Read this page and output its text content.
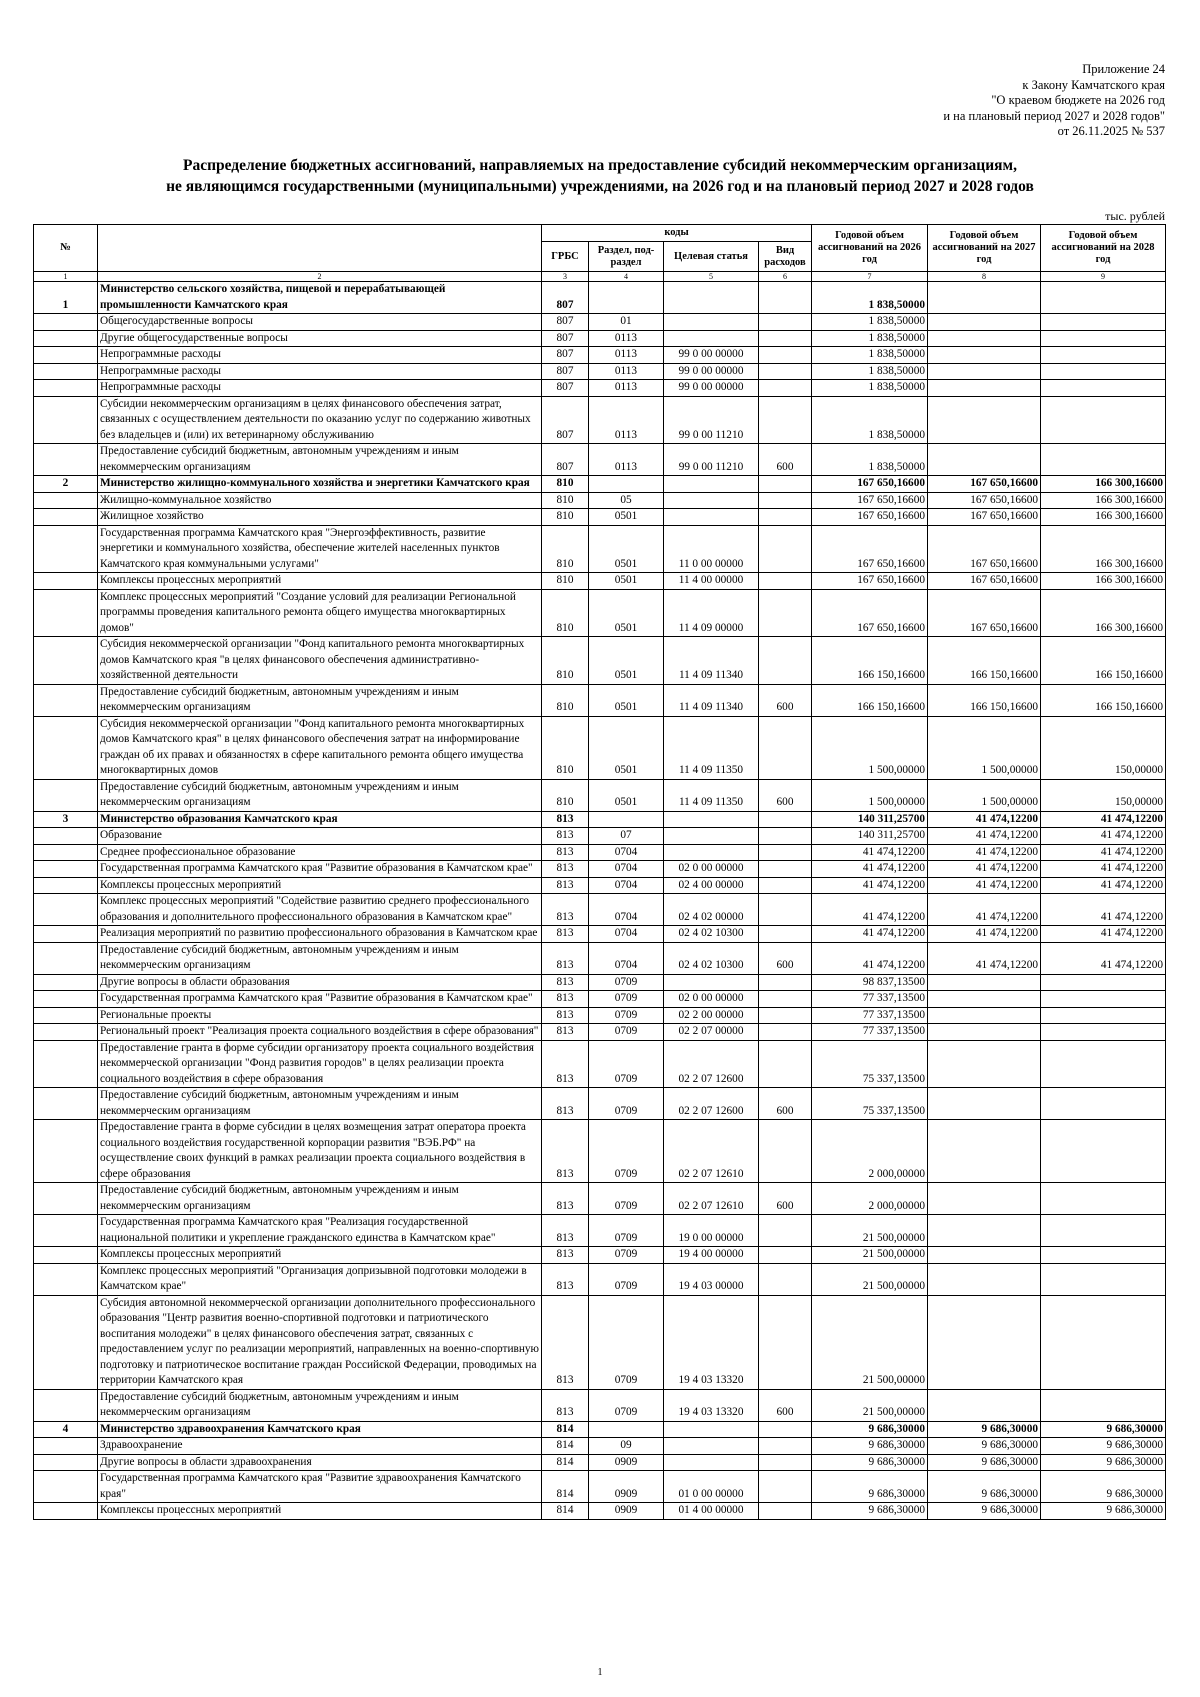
Приложение 24
к Закону Камчатского края
"О краевом бюджете на 2026 год
и на плановый период 2027 и 2028 годов"
от 26.11.2025 № 537
Распределение бюджетных ассигнований, направляемых на предоставление субсидий некоммерческим организациям,
не являющимся государственными (муниципальными) учреждениями, на 2026 год и на плановый период 2027 и 2028 годов
тыс. рублей
№		коды				Годовой объем ассигнований на 2026 год	Годовой объем ассигнований на 2027 год	Годовой объем ассигнований на 2028 год
		ГРБС	Раздел, под-раздел	Целевая статья	Вид расходов			
1	2	3	4	5	6	7	8	9
1	Министерство сельского хозяйства, пищевой и перерабатывающей промышленности Камчатского края	807				1 838,50000		
	Общегосударственные вопросы	807	01			1 838,50000		
	Другие общегосударственные вопросы	807	0113			1 838,50000		
	Непрограммные расходы	807	0113	99 0 00 00000		1 838,50000		
	Непрограммные расходы	807	0113	99 0 00 00000		1 838,50000		
	Непрограммные расходы	807	0113	99 0 00 00000		1 838,50000		
	Субсидии некоммерческим организациям в целях финансового обеспечения затрат, связанных с осуществлением деятельности по оказанию услуг по содержанию животных без владельцев и (или) их ветеринарному обслуживанию	807	0113	99 0 00 11210		1 838,50000		
	Предоставление субсидий бюджетным, автономным учреждениям и иным некоммерческим организациям	807	0113	99 0 00 11210	600	1 838,50000		
2	Министерство жилищно-коммунального хозяйства и энергетики Камчатского края	810				167 650,16600	167 650,16600	166 300,16600
	Жилищно-коммунальное хозяйство	810	05			167 650,16600	167 650,16600	166 300,16600
	Жилищное хозяйство	810	0501			167 650,16600	167 650,16600	166 300,16600
	Государственная программа Камчатского края "Энергоэффективность, развитие энергетики и коммунального хозяйства, обеспечение жителей населенных пунктов Камчатского края коммунальными услугами"	810	0501	11 0 00 00000		167 650,16600	167 650,16600	166 300,16600
	Комплексы процессных мероприятий	810	0501	11 4 00 00000		167 650,16600	167 650,16600	166 300,16600
	Комплекс процессных мероприятий "Создание условий для реализации Региональной программы проведения капитального ремонта общего имущества многоквартирных домов"	810	0501	11 4 09 00000		167 650,16600	167 650,16600	166 300,16600
	Субсидия некоммерческой организации "Фонд капитального ремонта многоквартирных домов Камчатского края "в целях финансового обеспечения административно-хозяйственной деятельности	810	0501	11 4 09 11340		166 150,16600	166 150,16600	166 150,16600
	Предоставление субсидий бюджетным, автономным учреждениям и иным некоммерческим организациям	810	0501	11 4 09 11340	600	166 150,16600	166 150,16600	166 150,16600
	Субсидия некоммерческой организации "Фонд капитального ремонта многоквартирных домов Камчатского края" в целях финансового обеспечения затрат на информирование граждан об их правах и обязанностях в сфере капитального ремонта общего имущества многоквартирных домов	810	0501	11 4 09 11350		1 500,00000	1 500,00000	150,00000
	Предоставление субсидий бюджетным, автономным учреждениям и иным некоммерческим организациям	810	0501	11 4 09 11350	600	1 500,00000	1 500,00000	150,00000
3	Министерство образования Камчатского края	813				140 311,25700	41 474,12200	41 474,12200
	Образование	813	07			140 311,25700	41 474,12200	41 474,12200
	Среднее профессиональное образование	813	0704			41 474,12200	41 474,12200	41 474,12200
	Государственная программа Камчатского края "Развитие образования в Камчатском крае"	813	0704	02 0 00 00000		41 474,12200	41 474,12200	41 474,12200
	Комплексы процессных мероприятий	813	0704	02 4 00 00000		41 474,12200	41 474,12200	41 474,12200
	Комплекс процессных мероприятий "Содействие развитию среднего профессионального образования и дополнительного профессионального образования в Камчатском крае"	813	0704	02 4 02 00000		41 474,12200	41 474,12200	41 474,12200
	Реализация мероприятий по развитию профессионального образования в Камчатском крае	813	0704	02 4 02 10300		41 474,12200	41 474,12200	41 474,12200
	Предоставление субсидий бюджетным, автономным учреждениям и иным некоммерческим организациям	813	0704	02 4 02 10300	600	41 474,12200	41 474,12200	41 474,12200
	Другие вопросы в области образования	813	0709			98 837,13500		
	Государственная программа Камчатского края "Развитие образования в Камчатском крае"	813	0709	02 0 00 00000		77 337,13500		
	Региональные проекты	813	0709	02 2 00 00000		77 337,13500		
	Региональный проект "Реализация проекта социального воздействия в сфере образования"	813	0709	02 2 07 00000		77 337,13500		
	Предоставление гранта в форме субсидии организатору проекта социального воздействия некоммерческой организации "Фонд развития городов" в целях реализации проекта социального воздействия в сфере образования	813	0709	02 2 07 12600		75 337,13500		
	Предоставление субсидий бюджетным, автономным учреждениям и иным некоммерческим организациям	813	0709	02 2 07 12600	600	75 337,13500		
	Предоставление гранта в форме субсидии в целях возмещения затрат оператора проекта социального воздействия государственной корпорации развития "ВЭБ.РФ" на осуществление своих функций в рамках реализации проекта социального воздействия в сфере образования	813	0709	02 2 07 12610		2 000,00000		
	Предоставление субсидий бюджетным, автономным учреждениям и иным некоммерческим организациям	813	0709	02 2 07 12610	600	2 000,00000		
	Государственная программа Камчатского края "Реализация государственной национальной политики и укрепление гражданского единства в Камчатском крае"	813	0709	19 0 00 00000		21 500,00000		
	Комплексы процессных мероприятий	813	0709	19 4 00 00000		21 500,00000		
	Комплекс процессных мероприятий "Организация допризывной подготовки молодежи в Камчатском крае"	813	0709	19 4 03 00000		21 500,00000		
	Субсидия автономной некоммерческой организации дополнительного профессионального образования "Центр развития военно-спортивной подготовки и патриотического воспитания молодежи" в целях финансового обеспечения затрат, связанных с предоставлением услуг по реализации мероприятий, направленных на военно-спортивную подготовку и патриотическое воспитание граждан Российской Федерации, проводимых на территории Камчатского края	813	0709	19 4 03 13320		21 500,00000		
	Предоставление субсидий бюджетным, автономным учреждениям и иным некоммерческим организациям	813	0709	19 4 03 13320	600	21 500,00000		
4	Министерство здравоохранения Камчатского края	814				9 686,30000	9 686,30000	9 686,30000
	Здравоохранение	814	09			9 686,30000	9 686,30000	9 686,30000
	Другие вопросы в области здравоохранения	814	0909			9 686,30000	9 686,30000	9 686,30000
	Государственная программа Камчатского края "Развитие здравоохранения Камчатского края"	814	0909	01 0 00 00000		9 686,30000	9 686,30000	9 686,30000
	Комплексы процессных мероприятий	814	0909	01 4 00 00000		9 686,30000	9 686,30000	9 686,30000
1
